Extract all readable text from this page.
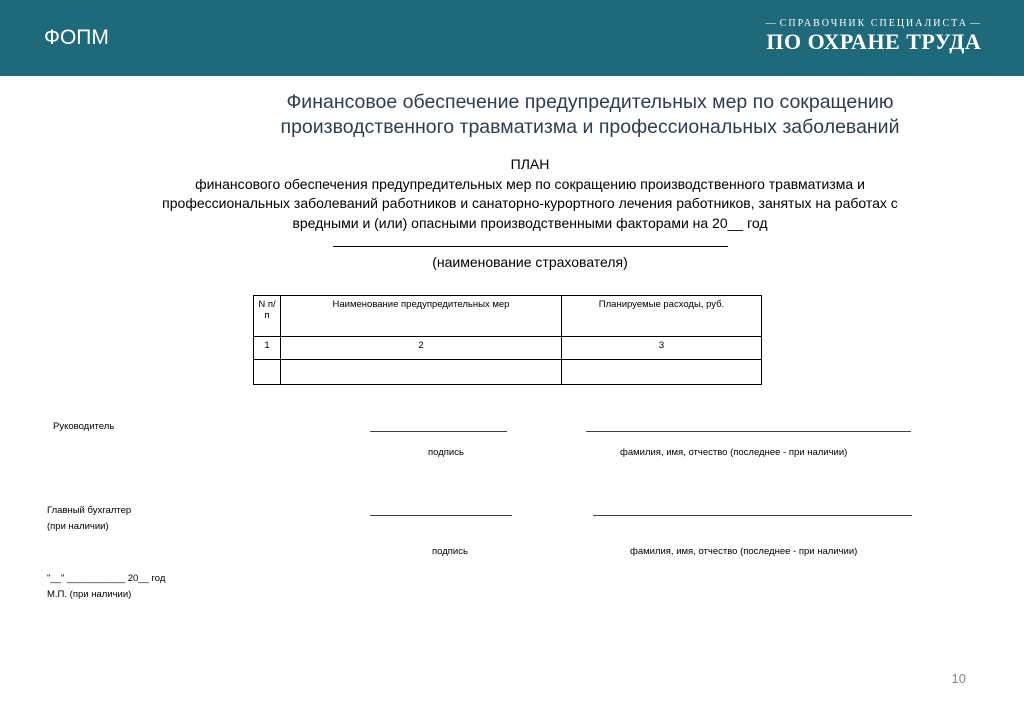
ФОПМ
— СПРАВОЧНИК СПЕЦИАЛИСТА —
ПО ОХРАНЕ ТРУДА
Финансовое обеспечение предупредительных мер по сокращению
производственного травматизма и профессиональных заболеваний
ПЛАН
финансового обеспечения предупредительных мер по сокращению производственного травматизма и
профессиональных заболеваний работников и санаторно-курортного лечения работников, занятых на работах с
вредными и (или) опасными производственными факторами на 20__ год
(наименование страхователя)
N п/п	Наименование предупредительных мер	Планируемые расходы, руб.
1	2	3

Руководитель
подпись	фамилия, имя, отчество (последнее - при наличии)
Главный бухгалтер
(при наличии)
подпись	фамилия, имя, отчество (последнее - при наличии)
"__" ___________ 20__ год
М.П. (при наличии)
10
